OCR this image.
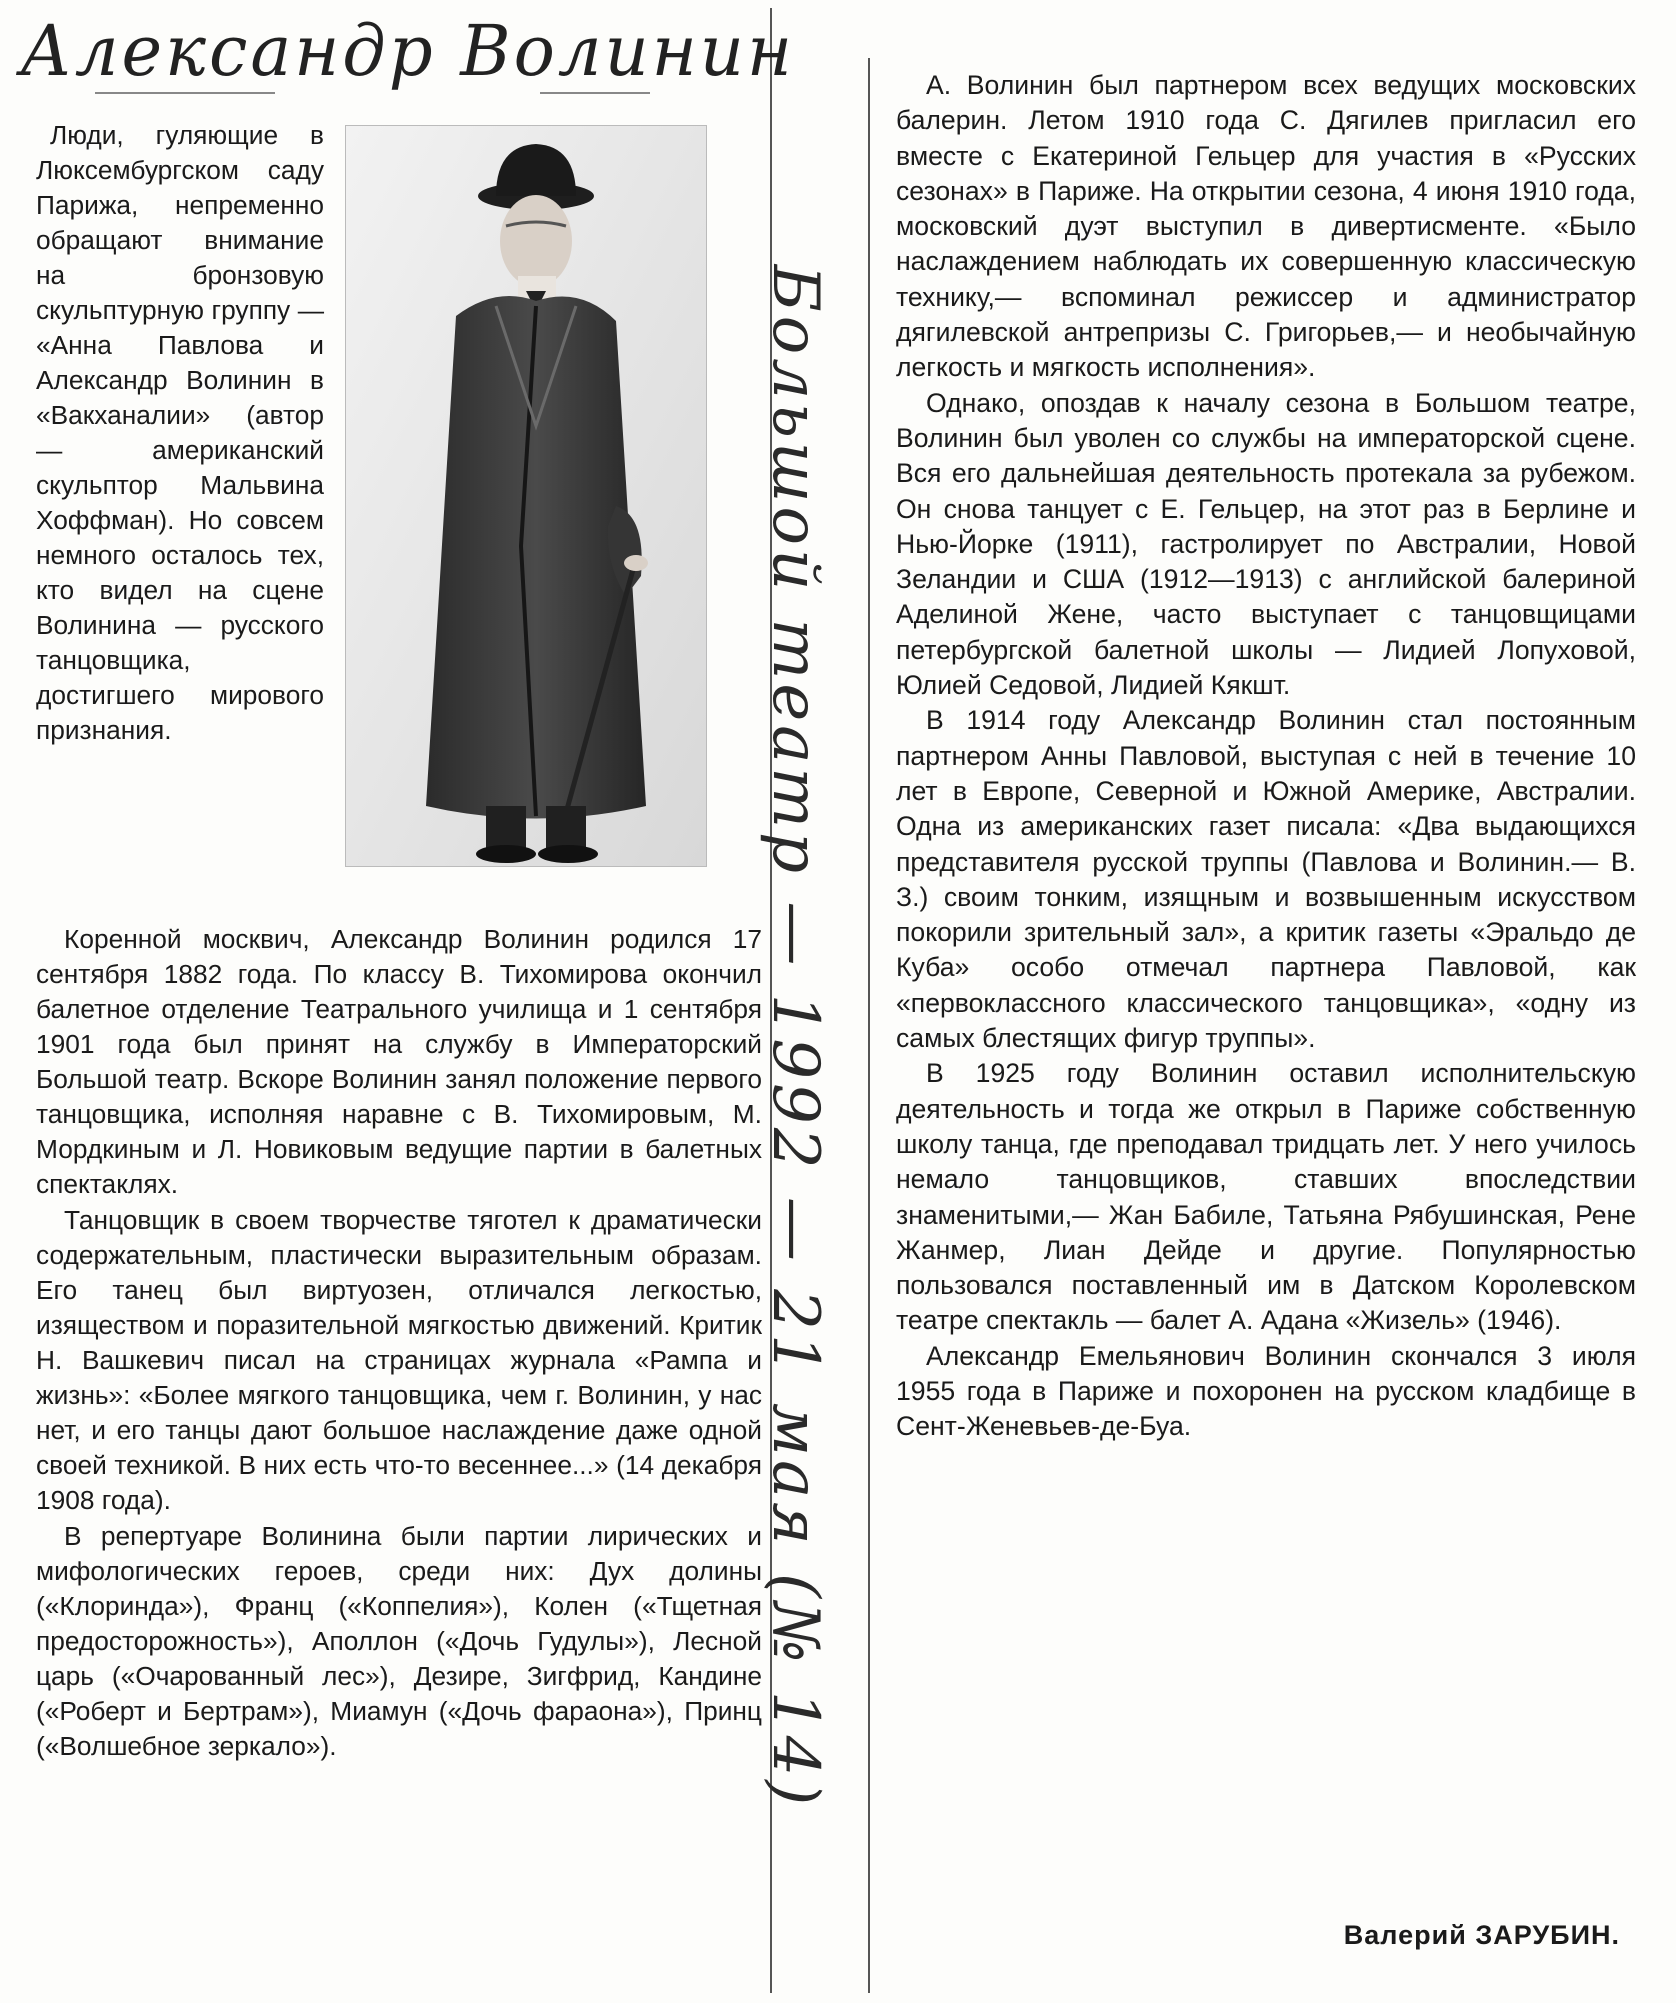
Александр Волинин

Люди, гуляющие в Люксембургском саду Парижа, непременно обращают внимание на бронзовую скульптурную группу — «Анна Павлова и Александр Волинин в «Вакханалии» (автор — американский скульптор Мальвина Хоффман). Но совсем немного осталось тех, кто видел на сцене Волинина — русского танцовщика, достигшего мирового признания.	Большой театр — 1992 — 21 мая (№ 14)

Коренной москвич, Александр Волинин родился 17 сентября 1882 года. По классу В. Тихомирова окончил балетное отделение Театрального училища и 1 сентября 1901 года был принят на службу в Императорский Большой театр. Вскоре Волинин занял положение первого танцовщика, исполняя наравне с В. Тихомировым, М. Мордкиным и Л. Новиковым ведущие партии в балетных спектаклях.

Танцовщик в своем творчестве тяготел к драматически содержательным, пластически выразительным образам. Его танец был виртуозен, отличался легкостью, изяществом и поразительной мягкостью движений. Критик Н. Вашкевич писал на страницах журнала «Рампа и жизнь»: «Более мягкого танцовщика, чем г. Волинин, у нас нет, и его танцы дают большое наслаждение даже одной своей техникой. В них есть что-то весеннее...» (14 декабря 1908 года).

В репертуаре Волинина были партии лирических и мифологических героев, среди них: Дух долины («Клоринда»), Франц («Коппелия»), Колен («Тщетная предосторожность»), Аполлон («Дочь Гудулы»), Лесной царь («Очарованный лес»), Дезире, Зигфрид, Кандине («Роберт и Бертрам»), Миамун («Дочь фараона»), Принц («Волшебное зеркало»).

А. Волинин был партнером всех ведущих московских балерин. Летом 1910 года С. Дягилев пригласил его вместе с Екатериной Гельцер для участия в «Русских сезонах» в Париже. На открытии сезона, 4 июня 1910 года, московский дуэт выступил в дивертисменте. «Было наслаждением наблюдать их совершенную классическую технику,— вспоминал режиссер и администратор дягилевской антрепризы С. Григорьев,— и необычайную легкость и мягкость исполнения».

Однако, опоздав к началу сезона в Большом театре, Волинин был уволен со службы на императорской сцене. Вся его дальнейшая деятельность протекала за рубежом. Он снова танцует с Е. Гельцер, на этот раз в Берлине и Нью-Йорке (1911), гастролирует по Австралии, Новой Зеландии и США (1912—1913) с английской балериной Аделиной Жене, часто выступает с танцовщицами петербургской балетной школы — Лидией Лопуховой, Юлией Седовой, Лидией Кякшт.

В 1914 году Александр Волинин стал постоянным партнером Анны Павловой, выступая с ней в течение 10 лет в Европе, Северной и Южной Америке, Австралии. Одна из американских газет писала: «Два выдающихся представителя русской труппы (Павлова и Волинин.— В. З.) своим тонким, изящным и возвышенным искусством покорили зрительный зал», а критик газеты «Эральдо де Куба» особо отмечал партнера Павловой, как «первоклассного классического танцовщика», «одну из самых блестящих фигур труппы».

В 1925 году Волинин оставил исполнительскую деятельность и тогда же открыл в Париже собственную школу танца, где преподавал тридцать лет. У него училось немало танцовщиков, ставших впоследствии знаменитыми,— Жан Бабиле, Татьяна Рябушинская, Рене Жанмер, Лиан Дейде и другие. Популярностью пользовался поставленный им в Датском Королевском театре спектакль — балет А. Адана «Жизель» (1946).

Александр Емельянович Волинин скончался 3 июля 1955 года в Париже и похоронен на русском кладбище в Сент-Женевьев-де-Буа.

Валерий ЗАРУБИН.
